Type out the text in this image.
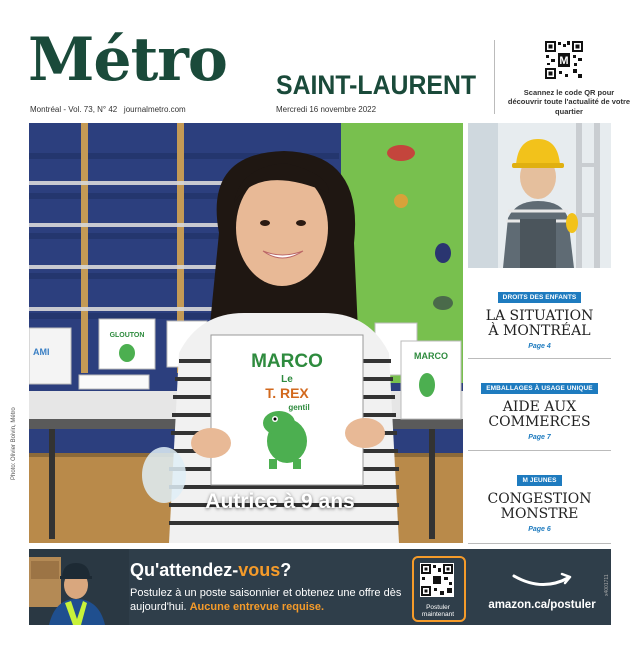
Métro SAINT-LAURENT
Montréal - Vol. 73, N° 42 journalmetro.com	Mercredi 16 novembre 2022
M
Scannez le code QR pour découvrir toute l'actualité de votre quartier
AMI
GLOUTON
MARCO
MARCO
Le
T. REX
gentil
Autrice à 9 ans
Photo: Olivier Boivin, Métro
DROITS DES ENFANTS
LA SITUATION
À MONTRÉAL
Page 4
EMBALLAGES À USAGE UNIQUE
AIDE AUX
COMMERCES
Page 7
M JEUNES
CONGESTION
MONSTRE
Page 6
Qu'attendez-vous?
Postulez à un poste saisonnier et obtenez une offre dès aujourd'hui. Aucune entrevue requise.	Postuler
maintenant
amazon.ca/postuler
x4001711
